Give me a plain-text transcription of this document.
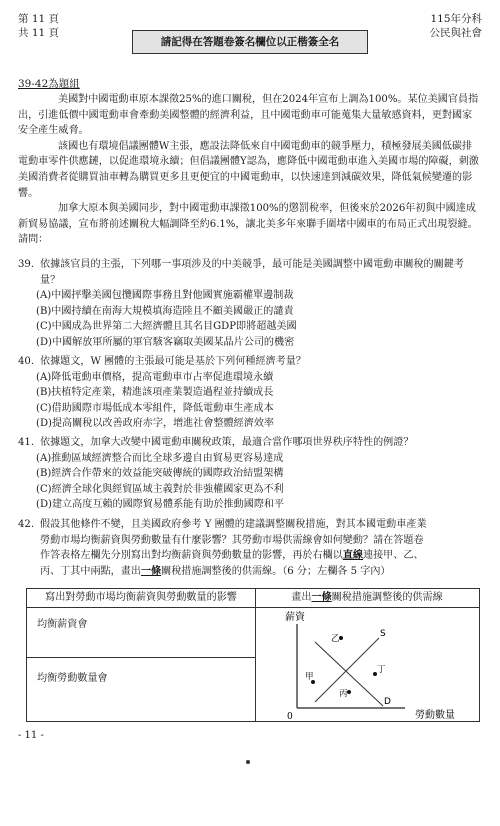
第 11 頁
共 11 頁
請記得在答題卷簽名欄位以正楷簽全名
115年分科
公民與社會
39-42為題組

美國對中國電動車原本課徵25%的進口關稅，但在2024年宣布上調為100%。某位美國官員指出，引進低價中國電動車會牽動美國整體的經濟利益，且中國電動車可能蒐集大量敏感資料，更對國家安全產生威脅。

該國也有環境倡議團體W主張，應設法降低來自中國電動車的競爭壓力，積極發展美國低碳排電動車零件供應鏈，以促進環境永續；但倡議團體Y認為，應降低中國電動車進入美國市場的障礙，刺激美國消費者從購買油車轉為購買更多且更便宜的中國電動車，以快速達到減碳效果，降低氣候變遷的影響。

加拿大原本與美國同步，對中國電動車課徵100%的懲罰稅率，但後來於2026年初與中國達成新貿易協議，宣布將前述關稅大幅調降至約6.1%，讓北美多年來聯手圍堵中國車的布局正式出現裂縫。請問：

39. 依據該官員的主張，下列哪一事項涉及的中美競爭，最可能是美國調整中國電動車關稅的關鍵考量？

(A)中國抨擊美國包攬國際事務且對他國實施霸權單邊制裁

(B)中國持續在南海大規模填海造陸且不顧美國嚴正的譴責

(C)中國成為世界第二大經濟體且其名目GDP即將超越美國

(D)中國解放軍所屬的軍官駭客竊取美國某晶片公司的機密

40. 依據題文，W 團體的主張最可能是基於下列何種經濟考量？

(A)降低電動車價格，提高電動車市占率促進環境永續

(B)扶植特定產業，精進該項產業製造過程並持續成長

(C)借助國際市場低成本零組件，降低電動車生產成本

(D)提高關稅以改善政府赤字，增進社會整體經濟效率

41. 依據題文，加拿大改變中國電動車關稅政策，最適合當作哪項世界秩序特性的例證？

(A)推動區域經濟整合而比全球多邊自由貿易更容易達成

(B)經濟合作帶來的效益能突破傳統的國際政治結盟架構

(C)經濟全球化與經貿區域主義對於非強權國家更為不利

(D)建立高度互賴的國際貿易體系能有助於推動國際和平

42. 假設其他條件不變，且美國政府參考 Y 團體的建議調整關稅措施，對其本國電動車產業

勞動市場均衡薪資與勞動數量有什麼影響？其勞動市場供需線會如何變動？請在答題卷

作答表格左欄先分別寫出對均衡薪資與勞動數量的影響，再於右欄以直線連接甲、乙、

丙、丁其中兩點，畫出一條關稅措施調整後的供需線。（6 分；左欄各 5 字內）

寫出對勞動市場均衡薪資與勞動數量的影響
均衡薪資會
均衡勞動數量會
畫出一條關稅措施調整後的供需線
薪資
勞動數量
0
S
D
乙
甲
丁
丙
- 11 -
